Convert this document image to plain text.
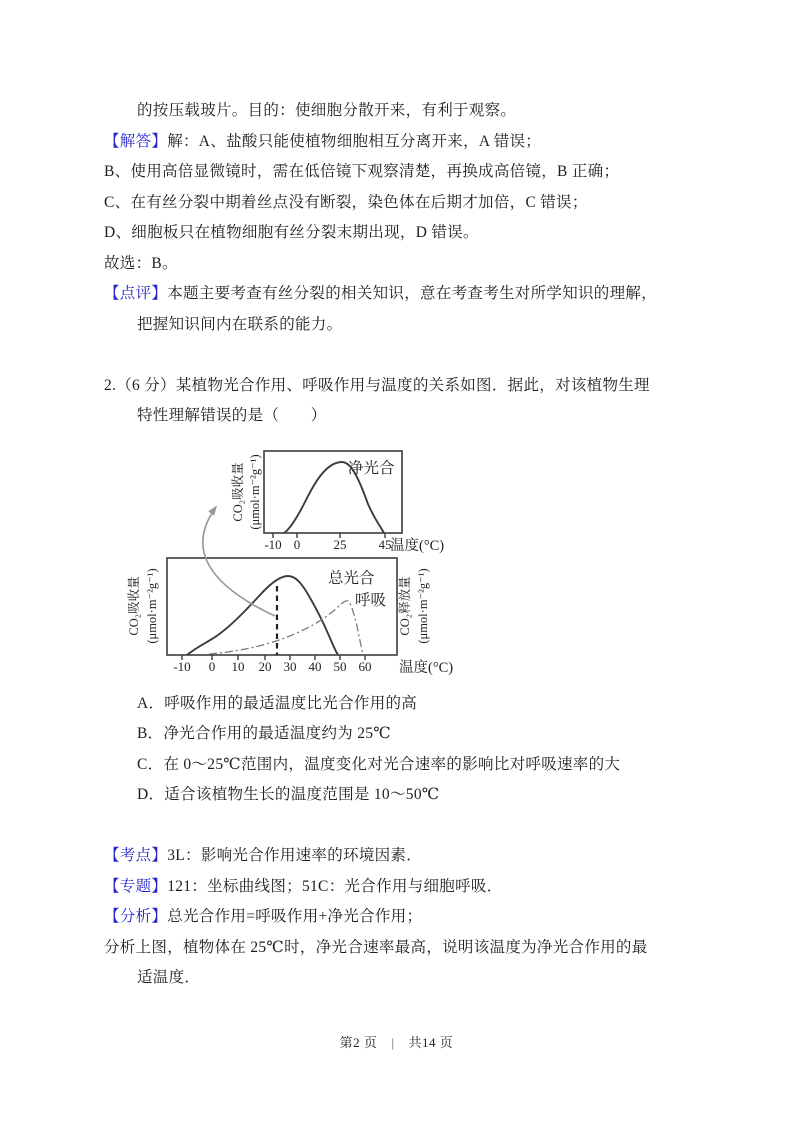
的按压载玻片。目的：使细胞分散开来，有利于观察。

【解答】解：A、盐酸只能使植物细胞相互分离开来，A 错误；

B、使用高倍显微镜时，需在低倍镜下观察清楚，再换成高倍镜，B 正确；

C、在有丝分裂中期着丝点没有断裂，染色体在后期才加倍，C 错误；

D、细胞板只在植物细胞有丝分裂末期出现，D 错误。

故选：B。

【点评】本题主要考查有丝分裂的相关知识，意在考查考生对所学知识的理解，

把握知识间内在联系的能力。

2.（6 分）某植物光合作用、呼吸作用与温度的关系如图．据此，对该植物生理

特性理解错误的是（　　）

净光合
-10 0	25 45
温度(°C)
CO₂吸收量 (μmol·m⁻²g⁻¹)
总光合
呼吸
-10 0 10 20 30 40 50 60 温度(°C)
CO₂吸收量 (μmol·m⁻²g⁻¹)	CO₂释放量 (μmol·m⁻²g⁻¹)

A．呼吸作用的最适温度比光合作用的高

B．净光合作用的最适温度约为 25℃

C．在 0～25℃范围内，温度变化对光合速率的影响比对呼吸速率的大

D．适合该植物生长的温度范围是 10～50℃

【考点】3L：影响光合作用速率的环境因素．

【专题】121：坐标曲线图；51C：光合作用与细胞呼吸．

【分析】总光合作用=呼吸作用+净光合作用；

分析上图，植物体在 25℃时，净光合速率最高，说明该温度为净光合作用的最

适温度．

第2 页 | 共14 页
